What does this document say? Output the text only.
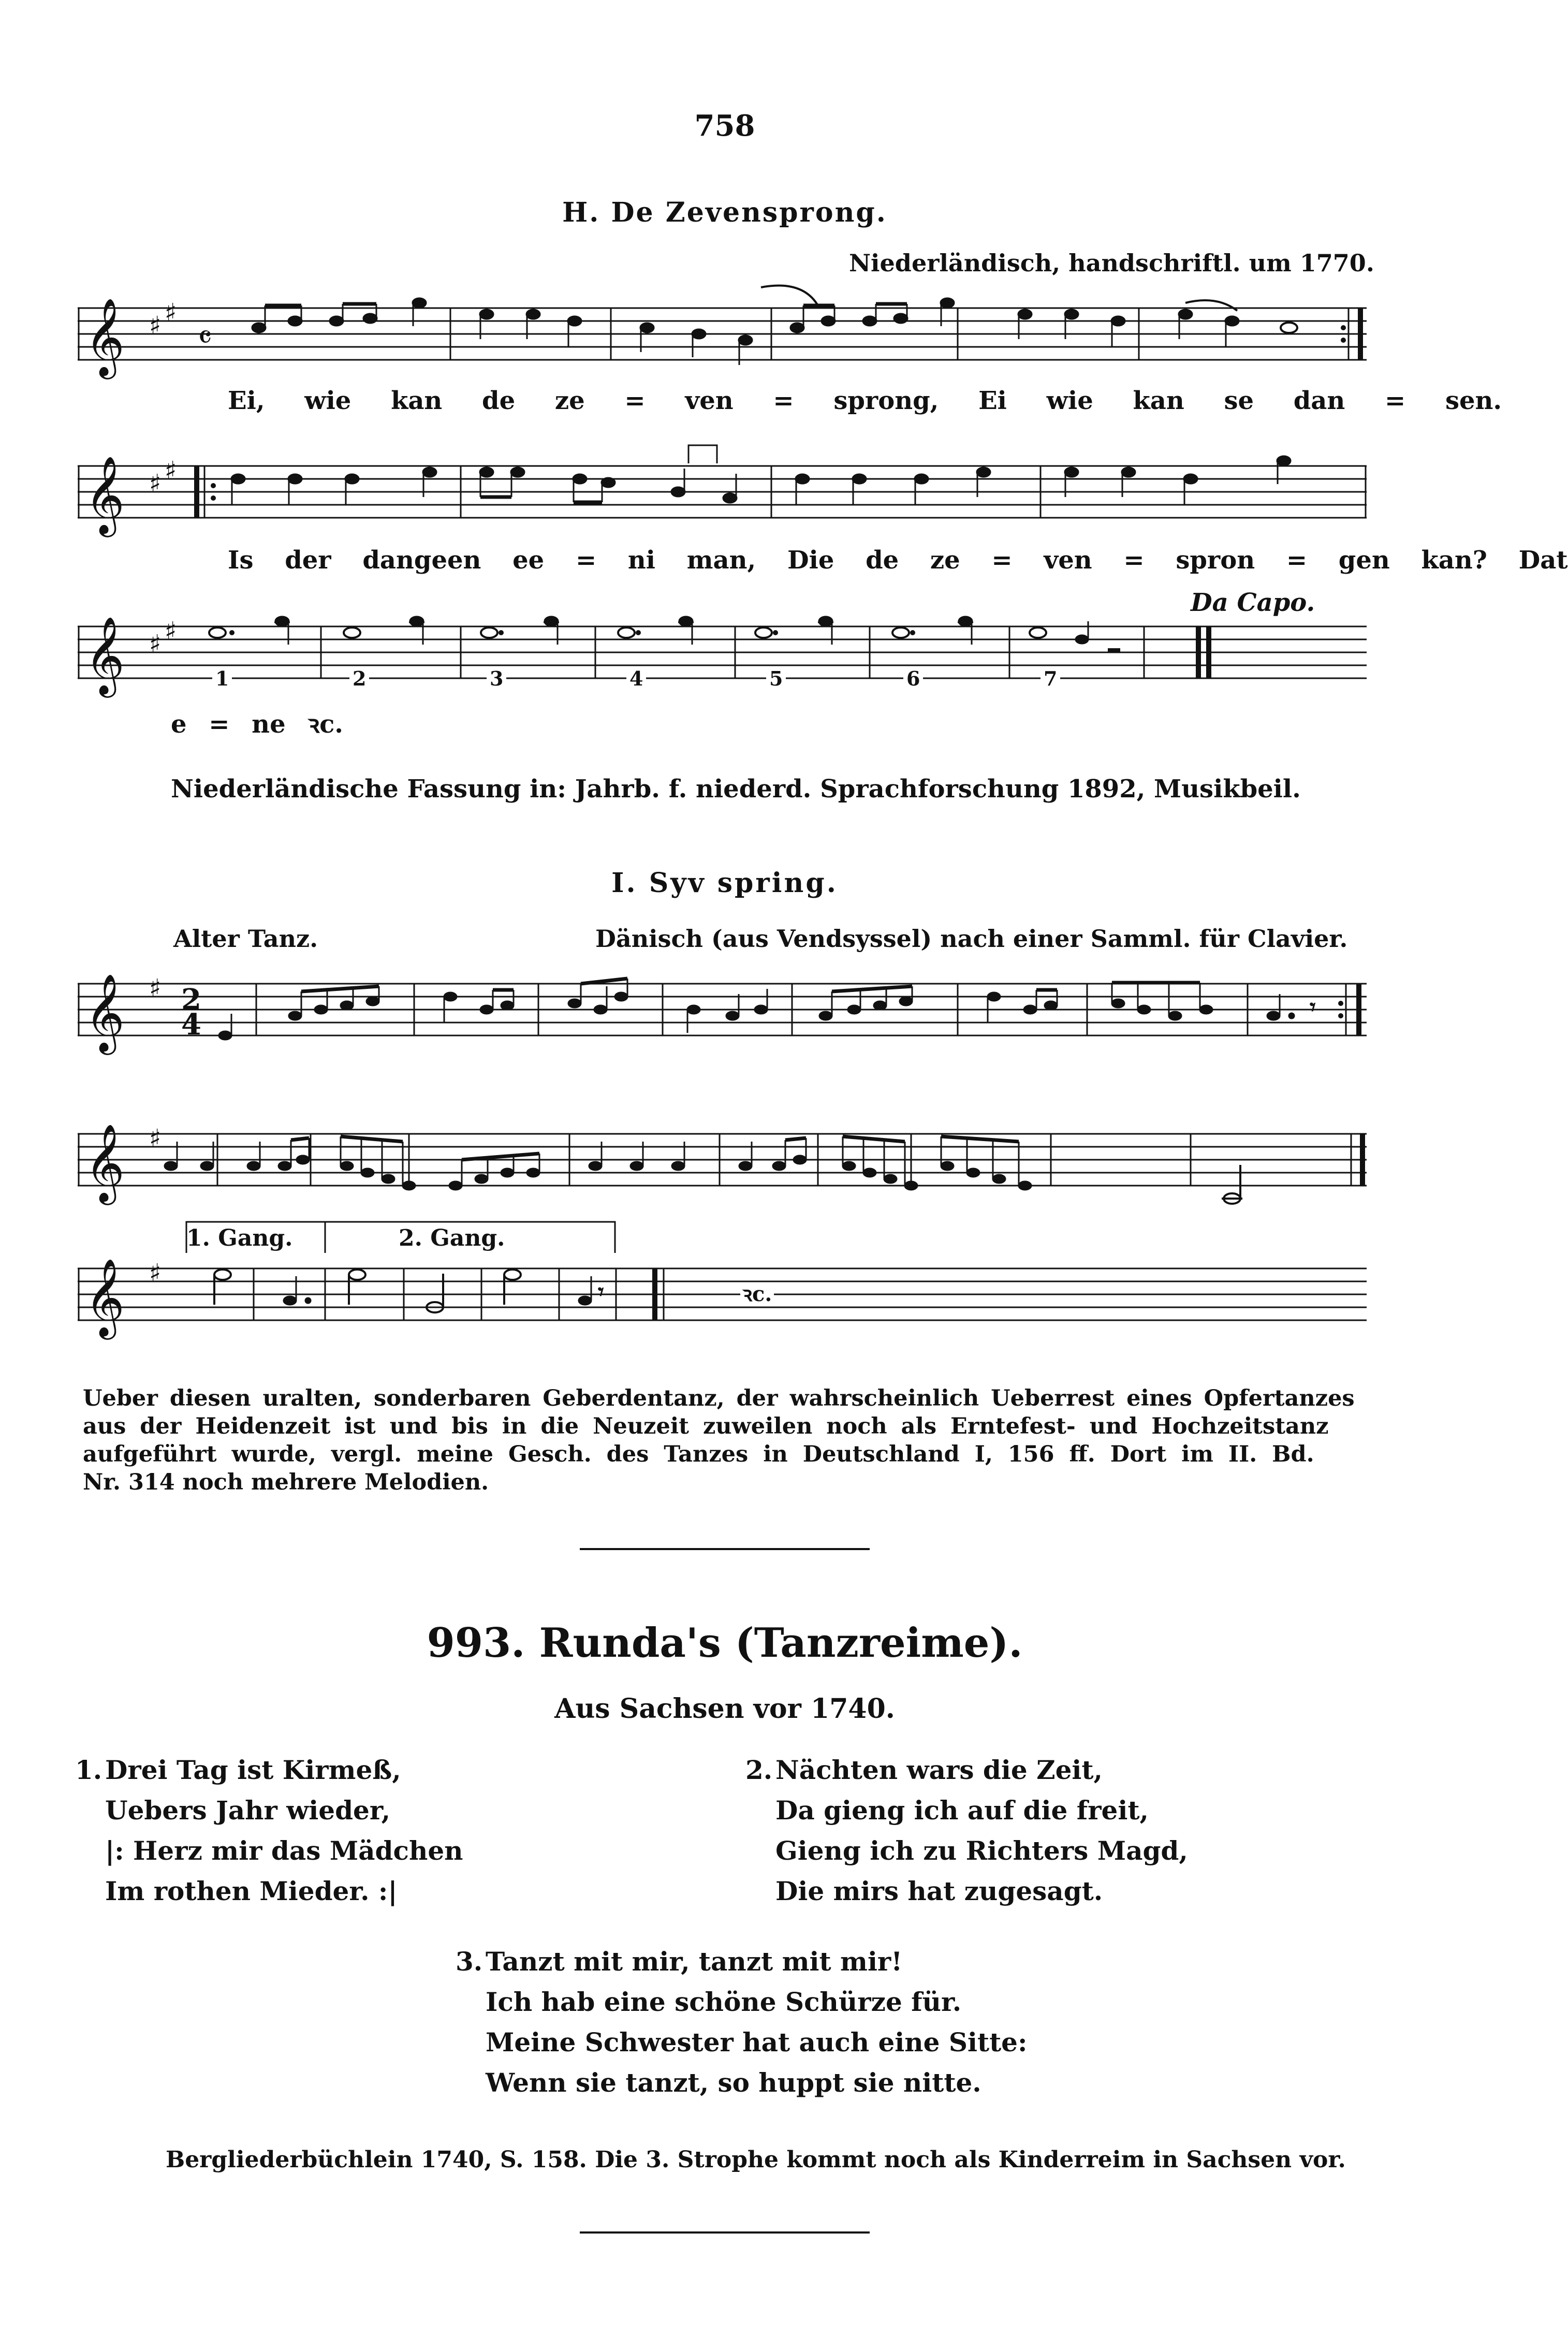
758
H. De Zevensprong.
Niederländisch, handschriftl. um 1770.
𝄞 ♯ ♯
𝄴
Ei, wie kan de ze = ven = sprong, Ei wie kan se dan = sen.
𝄞 ♯ ♯
Is der dangeen ee = ni man, Die de ze = ven = spron = gen kan? Dat
Da Capo.
𝄞 ♯ ♯
1	2	3	4	5	6	7
e = ne ꝛc.
Niederländische Fassung in: Jahrb. f. niederd. Sprachforschung 1892, Musikbeil.
I. Syv spring.
Alter Tanz.	Dänisch (aus Vendsyssel) nach einer Samml. für Clavier.
𝄞 ♯ 2
4
𝄾
𝄞 ♯
1. Gang.	2. Gang.
𝄞 ♯
𝄾	ꝛc.
Ueber diesen uralten, sonderbaren Geberdentanz, der wahrscheinlich Ueberrest eines Opfertanzes
aus der Heidenzeit ist und bis in die Neuzeit zuweilen noch als Erntefest- und Hochzeitstanz
aufgeführt wurde, vergl. meine Gesch. des Tanzes in Deutschland I, 156 ff. Dort im II. Bd.
Nr. 314 noch mehrere Melodien.
993. Runda's (Tanzreime).
Aus Sachsen vor 1740.
1. Drei Tag ist Kirmeß,
Uebers Jahr wieder,
|: Herz mir das Mädchen
Im rothen Mieder. :|
2. Nächten wars die Zeit,
Da gieng ich auf die freit,
Gieng ich zu Richters Magd,
Die mirs hat zugesagt.
3. Tanzt mit mir, tanzt mit mir!
Ich hab eine schöne Schürze für.
Meine Schwester hat auch eine Sitte:
Wenn sie tanzt, so huppt sie nitte.
Bergliederbüchlein 1740, S. 158. Die 3. Strophe kommt noch als Kinderreim in Sachsen vor.
